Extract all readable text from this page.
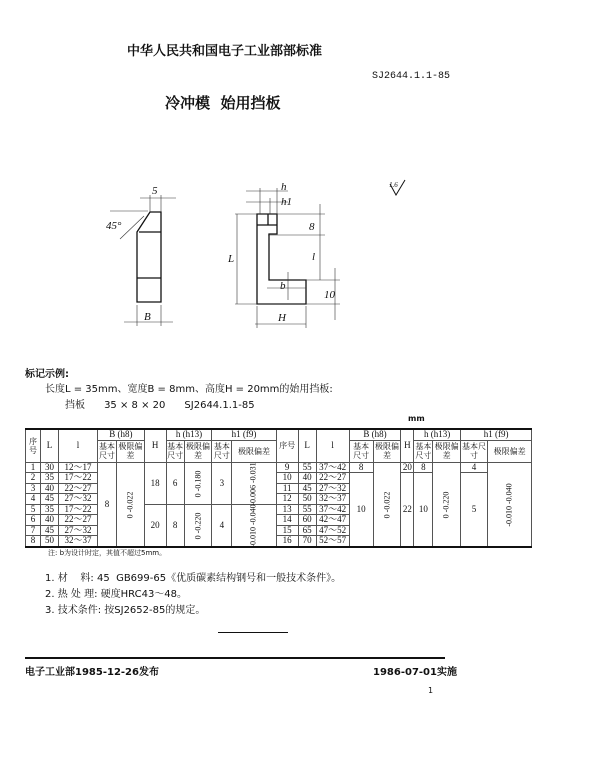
中华人民共和国电子工业部部标准
SJ2644.1.1-85
冷冲模  始用挡板
5
45°
B
h
h1
8
L	l
b
10
H
1.6
标记示例:
长度L = 35mm、宽度B = 8mm、高度H = 20mm的始用挡板:
挡板      35 × 8 × 20      SJ2644.1.1-85
mm
序号	L	l	B (h8)		H	h (h13)		h1 (f9)		序号	L	l	B (h8)		H	h (h13)		h1 (f9)	
			基本尺寸	极限偏差		基本尺寸	极限偏差	基本尺寸	极限偏差				基本尺寸	极限偏差		基本尺寸	极限偏差	基本尺寸	极限偏差
1	30	12～17	8	0 -0.022	18	6	0 -0.180	3	-0.006 -0.031	9	55	37～42	8	0 -0.022	20	8	0 -0.220	4	-0.010 -0.040
2	35	17～22								10	40	22～27	10		22	10		5	
3	40	22～27								11	45	27～32							
4	45	27～32								12	50	32～37							
5	35	17～22			20	8	0 -0.220	4	-0.010 -0.040	13	55	37～42							
6	40	22～27								14	60	42～47							
7	45	27～32								15	65	47～52							
8	50	32～37								16	70	52～57							
注: b为设计时定，其值不超过5mm。
1. 材    料: 45  GB699-65《优质碳素结构钢号和一般技术条件》。
2. 热 处 理: 硬度HRC43～48。
3. 技术条件: 按SJ2652-85的规定。
电子工业部1985-12-26发布	1986-07-01实施
1
